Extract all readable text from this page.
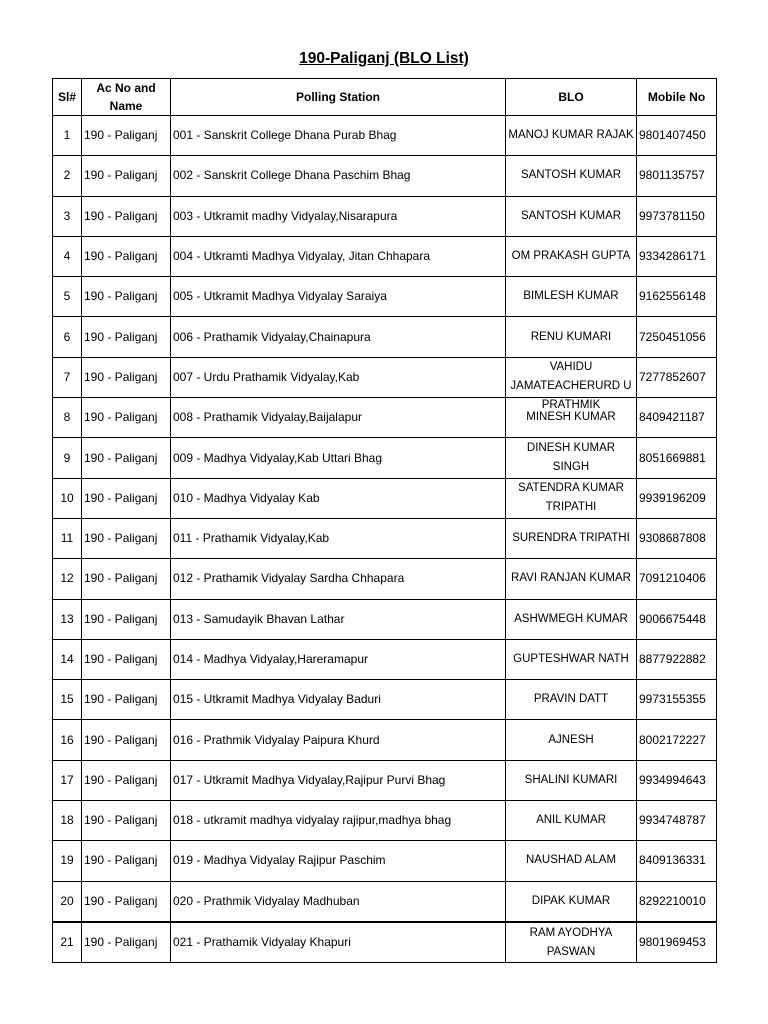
190-Paliganj (BLO List)
Sl#	Ac No and Name	Polling Station	BLO	Mobile No

1	190 - Paliganj	001 - Sanskrit College Dhana Purab Bhag	MANOJ KUMAR RAJAK	9801407450

2	190 - Paliganj	002 - Sanskrit College Dhana Paschim Bhag	SANTOSH KUMAR	9801135757

3	190 - Paliganj	003 - Utkramit madhy Vidyalay,Nisarapura	SANTOSH KUMAR	9973781150

4	190 - Paliganj	004 - Utkramti Madhya Vidyalay, Jitan Chhapara	OM PRAKASH GUPTA	9334286171

5	190 - Paliganj	005 - Utkramit Madhya Vidyalay Saraiya	BIMLESH KUMAR	9162556148

6	190 - Paliganj	006 - Prathamik Vidyalay,Chainapura	RENU KUMARI	7250451056

7	190 - Paliganj	007 - Urdu Prathamik Vidyalay,Kab	VAHIDU JAMATEACHERURD U PRATHMIK	7277852607

8	190 - Paliganj	008 - Prathamik Vidyalay,Baijalapur	MINESH KUMAR	8409421187

9	190 - Paliganj	009 - Madhya Vidyalay,Kab Uttari Bhag	DINESH KUMAR SINGH	8051669881

10	190 - Paliganj	010 - Madhya Vidyalay Kab	SATENDRA KUMAR TRIPATHI	9939196209

11	190 - Paliganj	011 - Prathamik Vidyalay,Kab	SURENDRA TRIPATHI	9308687808

12	190 - Paliganj	012 - Prathamik Vidyalay Sardha Chhapara	RAVI RANJAN KUMAR	7091210406

13	190 - Paliganj	013 - Samudayik Bhavan Lathar	ASHWMEGH KUMAR	9006675448

14	190 - Paliganj	014 - Madhya Vidyalay,Hareramapur	GUPTESHWAR NATH	8877922882

15	190 - Paliganj	015 - Utkramit Madhya Vidyalay Baduri	PRAVIN DATT	9973155355

16	190 - Paliganj	016 - Prathmik Vidyalay Paipura Khurd	AJNESH	8002172227

17	190 - Paliganj	017 - Utkramit Madhya Vidyalay,Rajipur Purvi Bhag	SHALINI KUMARI	9934994643

18	190 - Paliganj	018 - utkramit madhya vidyalay rajipur,madhya bhag	ANIL KUMAR	9934748787

19	190 - Paliganj	019 - Madhya Vidyalay Rajipur Paschim	NAUSHAD ALAM	8409136331

20	190 - Paliganj	020 - Prathmik Vidyalay Madhuban	DIPAK KUMAR	8292210010

21	190 - Paliganj	021 - Prathamik Vidyalay Khapuri	RAM AYODHYA PASWAN	9801969453
